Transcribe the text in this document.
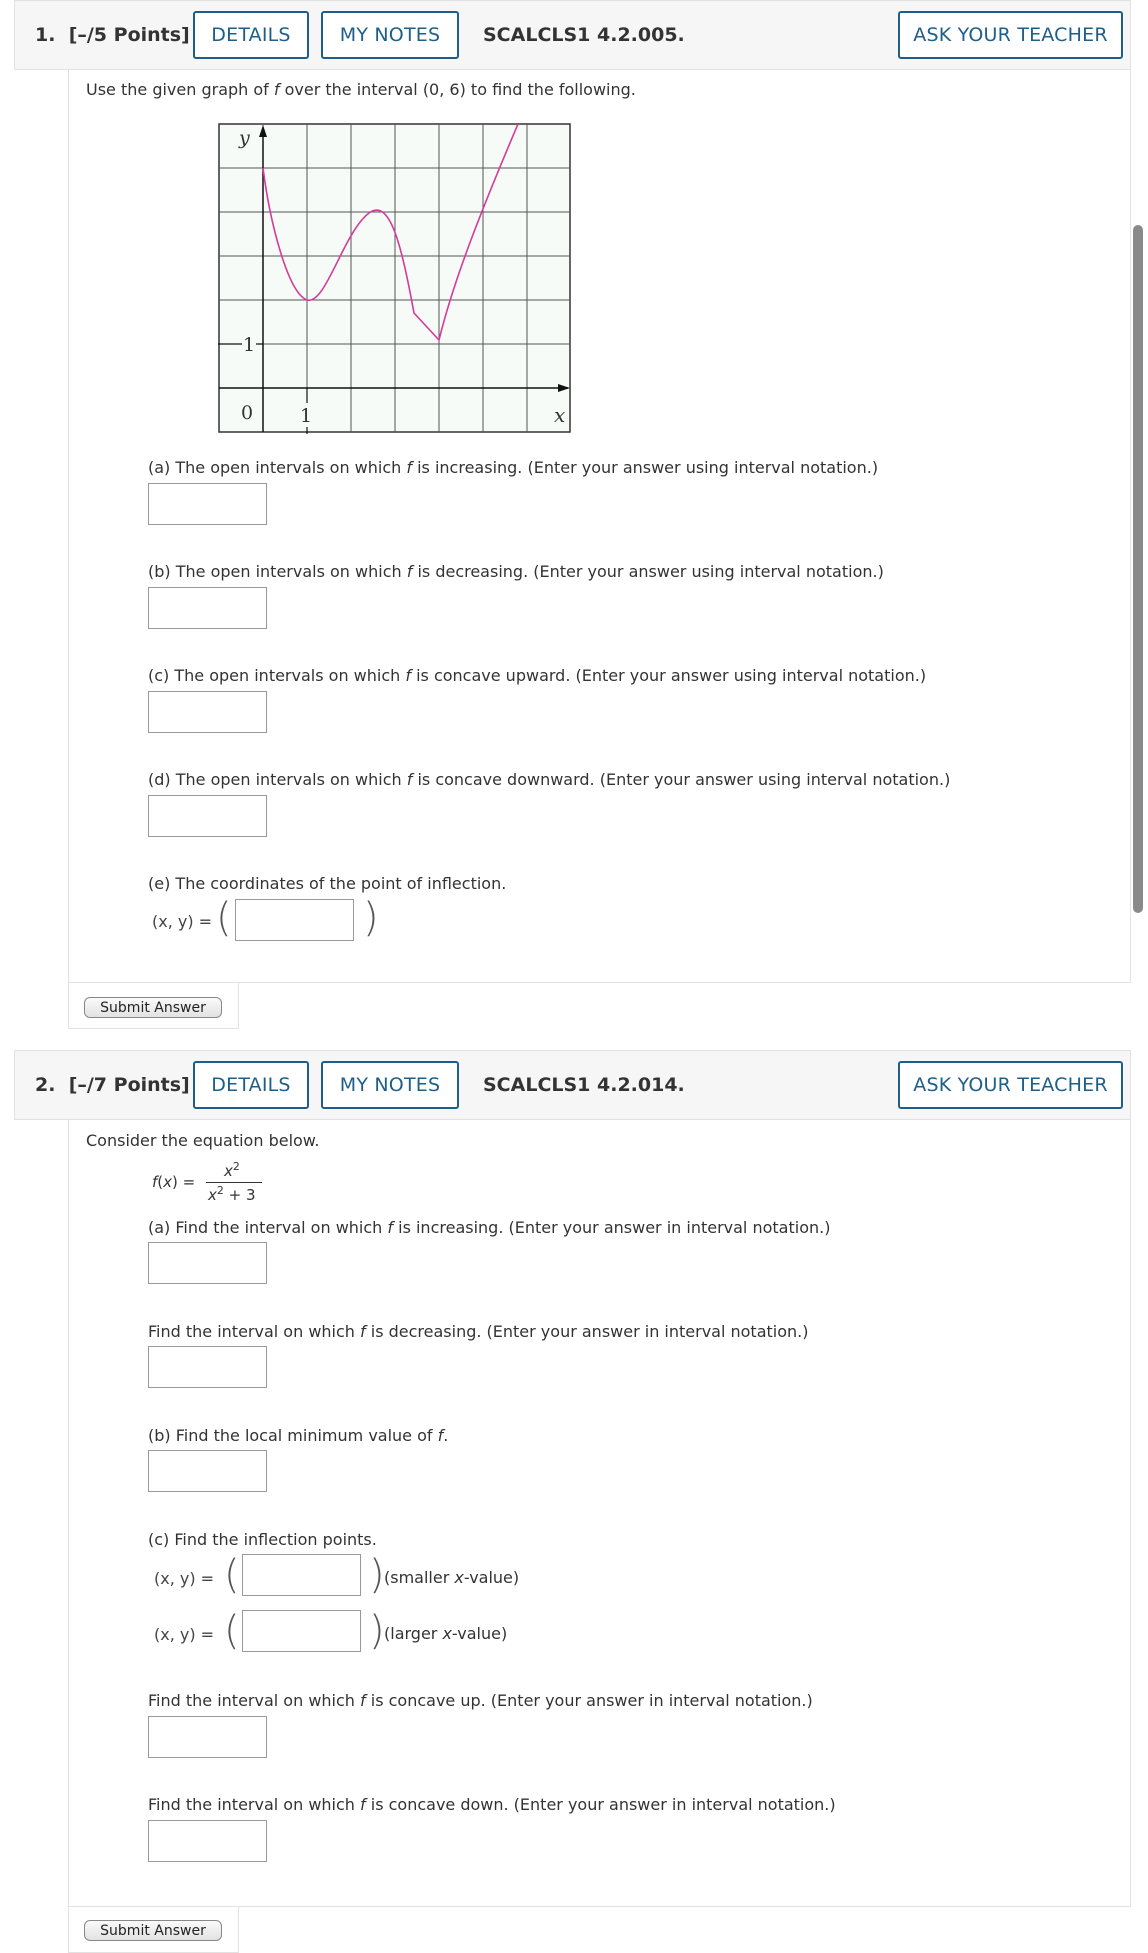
1. [–/5 Points]	DETAILS	MY NOTES	SCALCLS1 4.2.005.	ASK YOUR TEACHER
Use the given graph of f over the interval (0, 6) to find the following.
y
1
0 1	x
(a) The open intervals on which f is increasing. (Enter your answer using interval notation.)
(b) The open intervals on which f is decreasing. (Enter your answer using interval notation.)
(c) The open intervals on which f is concave upward. (Enter your answer using interval notation.)
(d) The open intervals on which f is concave downward. (Enter your answer using interval notation.)
(e) The coordinates of the point of inflection.
(x, y) = (	)
Submit Answer
2. [–/7 Points]	DETAILS	MY NOTES	SCALCLS1 4.2.014.	ASK YOUR TEACHER
Consider the equation below.
f(x) =
$x^2$
$x^2 + 3$
(a) Find the interval on which f is increasing. (Enter your answer in interval notation.)
Find the interval on which f is decreasing. (Enter your answer in interval notation.)
(b) Find the local minimum value of f.
(c) Find the inflection points.
(x, y) = (	) (smaller x-value)
(x, y) = (	) (larger x-value)
Find the interval on which f is concave up. (Enter your answer in interval notation.)
Find the interval on which f is concave down. (Enter your answer in interval notation.)
Submit Answer
